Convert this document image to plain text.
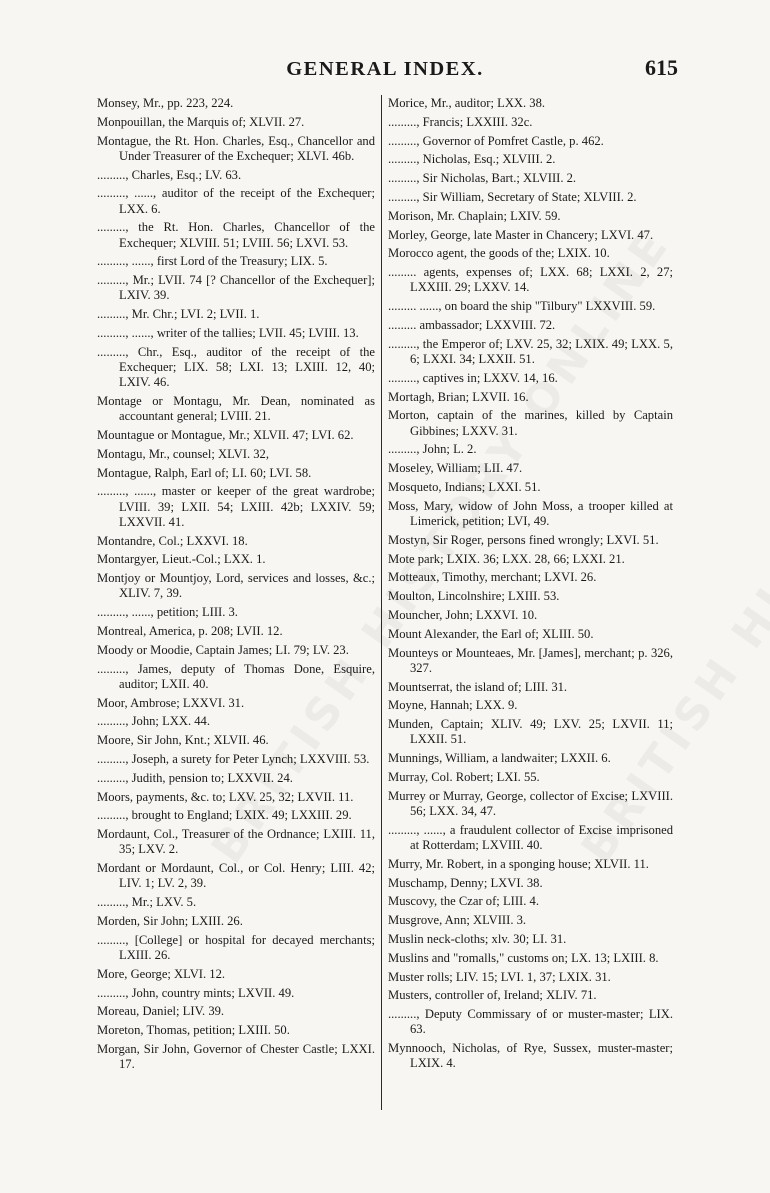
GENERAL INDEX.	615
Monsey, Mr., pp. 223, 224.
Monpouillan, the Marquis of; XLVII. 27.
Montague, the Rt. Hon. Charles, Esq., Chancellor and Under Treasurer of the Exchequer; XLVI. 46b.
........., Charles, Esq.; LV. 63.
........., ......, auditor of the receipt of the Exchequer; LXX. 6.
........., the Rt. Hon. Charles, Chancellor of the Exchequer; XLVIII. 51; LVIII. 56; LXVI. 53.
........., ......, first Lord of the Treasury; LIX. 5.
........., Mr.; LVII. 74 [? Chancellor of the Exchequer]; LXIV. 39.
........., Mr. Chr.; LVI. 2; LVII. 1.
........., ......, writer of the tallies; LVII. 45; LVIII. 13.
........., Chr., Esq., auditor of the receipt of the Exchequer; LIX. 58; LXI. 13; LXIII. 12, 40; LXIV. 46.
Montage or Montagu, Mr. Dean, nominated as accountant general; LVIII. 21.
Mountague or Montague, Mr.; XLVII. 47; LVI. 62.
Montagu, Mr., counsel; XLVI. 32,
Montague, Ralph, Earl of; LI. 60; LVI. 58.
........., ......, master or keeper of the great wardrobe; LVIII. 39; LXII. 54; LXIII. 42b; LXXIV. 59; LXXVII. 41.
Montandre, Col.; LXXVI. 18.
Montargyer, Lieut.-Col.; LXX. 1.
Montjoy or Mountjoy, Lord, services and losses, &c.; XLIV. 7, 39.
........., ......, petition; LIII. 3.
Montreal, America, p. 208; LVII. 12.
Moody or Moodie, Captain James; LI. 79; LV. 23.
........., James, deputy of Thomas Done, Esquire, auditor; LXII. 40.
Moor, Ambrose; LXXVI. 31.
........., John; LXX. 44.
Moore, Sir John, Knt.; XLVII. 46.
........., Joseph, a surety for Peter Lynch; LXXVIII. 53.
........., Judith, pension to; LXXVII. 24.
Moors, payments, &c. to; LXV. 25, 32; LXVII. 11.
........., brought to England; LXIX. 49; LXXIII. 29.
Mordaunt, Col., Treasurer of the Ordnance; LXIII. 11, 35; LXV. 2.
Mordant or Mordaunt, Col., or Col. Henry; LIII. 42; LIV. 1; LV. 2, 39.
........., Mr.; LXV. 5.
Morden, Sir John; LXIII. 26.
........., [College] or hospital for decayed merchants; LXIII. 26.
More, George; XLVI. 12.
........., John, country mints; LXVII. 49.
Moreau, Daniel; LIV. 39.
Moreton, Thomas, petition; LXIII. 50.
Morgan, Sir John, Governor of Chester Castle; LXXI. 17.
Morice, Mr., auditor; LXX. 38.
........., Francis; LXXIII. 32c.
........., Governor of Pomfret Castle, p. 462.
........., Nicholas, Esq.; XLVIII. 2.
........., Sir Nicholas, Bart.; XLVIII. 2.
........., Sir William, Secretary of State; XLVIII. 2.
Morison, Mr. Chaplain; LXIV. 59.
Morley, George, late Master in Chancery; LXVI. 47.
Morocco agent, the goods of the; LXIX. 10.
......... agents, expenses of; LXX. 68; LXXI. 2, 27; LXXIII. 29; LXXV. 14.
......... ......, on board the ship "Tilbury" LXXVIII. 59.
......... ambassador; LXXVIII. 72.
........., the Emperor of; LXV. 25, 32; LXIX. 49; LXX. 5, 6; LXXI. 34; LXXII. 51.
........., captives in; LXXV. 14, 16.
Mortagh, Brian; LXVII. 16.
Morton, captain of the marines, killed by Captain Gibbines; LXXV. 31.
........., John; L. 2.
Moseley, William; LII. 47.
Mosqueto, Indians; LXXI. 51.
Moss, Mary, widow of John Moss, a trooper killed at Limerick, petition; LVI, 49.
Mostyn, Sir Roger, persons fined wrongly; LXVI. 51.
Mote park; LXIX. 36; LXX. 28, 66; LXXI. 21.
Motteaux, Timothy, merchant; LXVI. 26.
Moulton, Lincolnshire; LXIII. 53.
Mouncher, John; LXXVI. 10.
Mount Alexander, the Earl of; XLIII. 50.
Mounteys or Mounteaes, Mr. [James], merchant; p. 326, 327.
Mountserrat, the island of; LIII. 31.
Moyne, Hannah; LXX. 9.
Munden, Captain; XLIV. 49; LXV. 25; LXVII. 11; LXXII. 51.
Munnings, William, a landwaiter; LXXII. 6.
Murray, Col. Robert; LXI. 55.
Murrey or Murray, George, collector of Excise; LXVIII. 56; LXX. 34, 47.
........., ......, a fraudulent collector of Excise imprisoned at Rotterdam; LXVIII. 40.
Murry, Mr. Robert, in a sponging house; XLVII. 11.
Muschamp, Denny; LXVI. 38.
Muscovy, the Czar of; LIII. 4.
Musgrove, Ann; XLVIII. 3.
Muslin neck-cloths; xlv. 30; LI. 31.
Muslins and "romalls," customs on; LX. 13; LXIII. 8.
Muster rolls; LIV. 15; LVI. 1, 37; LXIX. 31.
Musters, controller of, Ireland; XLIV. 71.
........., Deputy Commissary of or muster-master; LIX. 63.
Mynnooch, Nicholas, of Rye, Sussex, muster-master; LXIX. 4.
